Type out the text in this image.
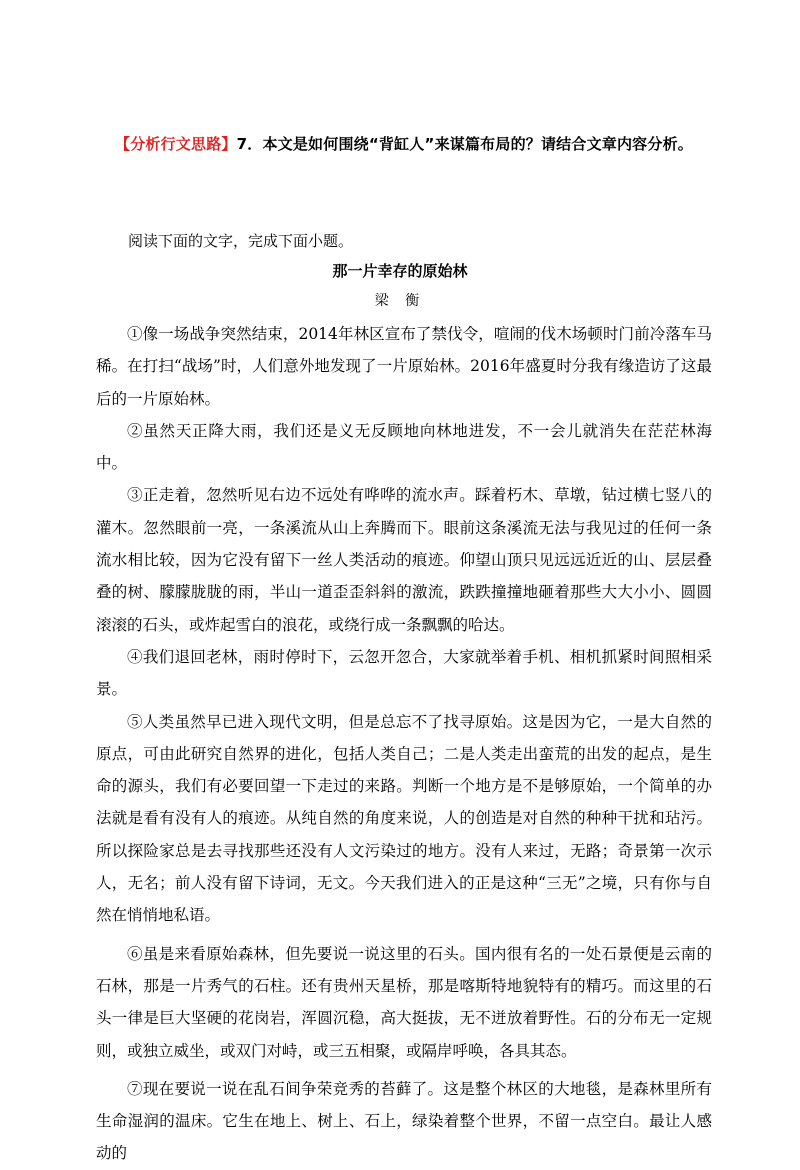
【分析行文思路】7．本文是如何围绕“背缸人”来谋篇布局的？请结合文章内容分析。
阅读下面的文字，完成下面小题。
那一片幸存的原始林
梁 衡

①像一场战争突然结束，2014年林区宣布了禁伐令，喧闹的伐木场顿时门前冷落车马稀。在打扫“战场”时，人们意外地发现了一片原始林。2016年盛夏时分我有缘造访了这最后的一片原始林。

②虽然天正降大雨，我们还是义无反顾地向林地进发，不一会儿就消失在茫茫林海中。

③正走着，忽然听见右边不远处有哗哗的流水声。踩着朽木、草墩，钻过横七竖八的灌木。忽然眼前一亮，一条溪流从山上奔腾而下。眼前这条溪流无法与我见过的任何一条流水相比较，因为它没有留下一丝人类活动的痕迹。仰望山顶只见远远近近的山、层层叠叠的树、朦朦胧胧的雨，半山一道歪歪斜斜的激流，跌跌撞撞地砸着那些大大小小、圆圆滚滚的石头，或炸起雪白的浪花，或绕行成一条飘飘的哈达。

④我们退回老林，雨时停时下，云忽开忽合，大家就举着手机、相机抓紧时间照相采景。

⑤人类虽然早已进入现代文明，但是总忘不了找寻原始。这是因为它，一是大自然的原点，可由此研究自然界的进化，包括人类自己；二是人类走出蛮荒的出发的起点，是生命的源头，我们有必要回望一下走过的来路。判断一个地方是不是够原始，一个简单的办法就是看有没有人的痕迹。从纯自然的角度来说，人的创造是对自然的种种干扰和玷污。所以探险家总是去寻找那些还没有人文污染过的地方。没有人来过，无路；奇景第一次示人，无名；前人没有留下诗词，无文。今天我们进入的正是这种“三无”之境，只有你与自然在悄悄地私语。

⑥虽是来看原始森林，但先要说一说这里的石头。国内很有名的一处石景便是云南的石林，那是一片秀气的石柱。还有贵州天星桥，那是喀斯特地貌特有的精巧。而这里的石头一律是巨大坚硬的花岗岩，浑圆沉稳，高大挺拔，无不迸放着野性。石的分布无一定规则，或独立威坐，或双门对峙，或三五相聚，或隔岸呼唤，各具其态。

⑦现在要说一说在乱石间争荣竞秀的苔藓了。这是整个林区的大地毯，是森林里所有生命湿润的温床。它生在地上、树上、石上，绿染着整个世界，不留一点空白。最让人感动的
